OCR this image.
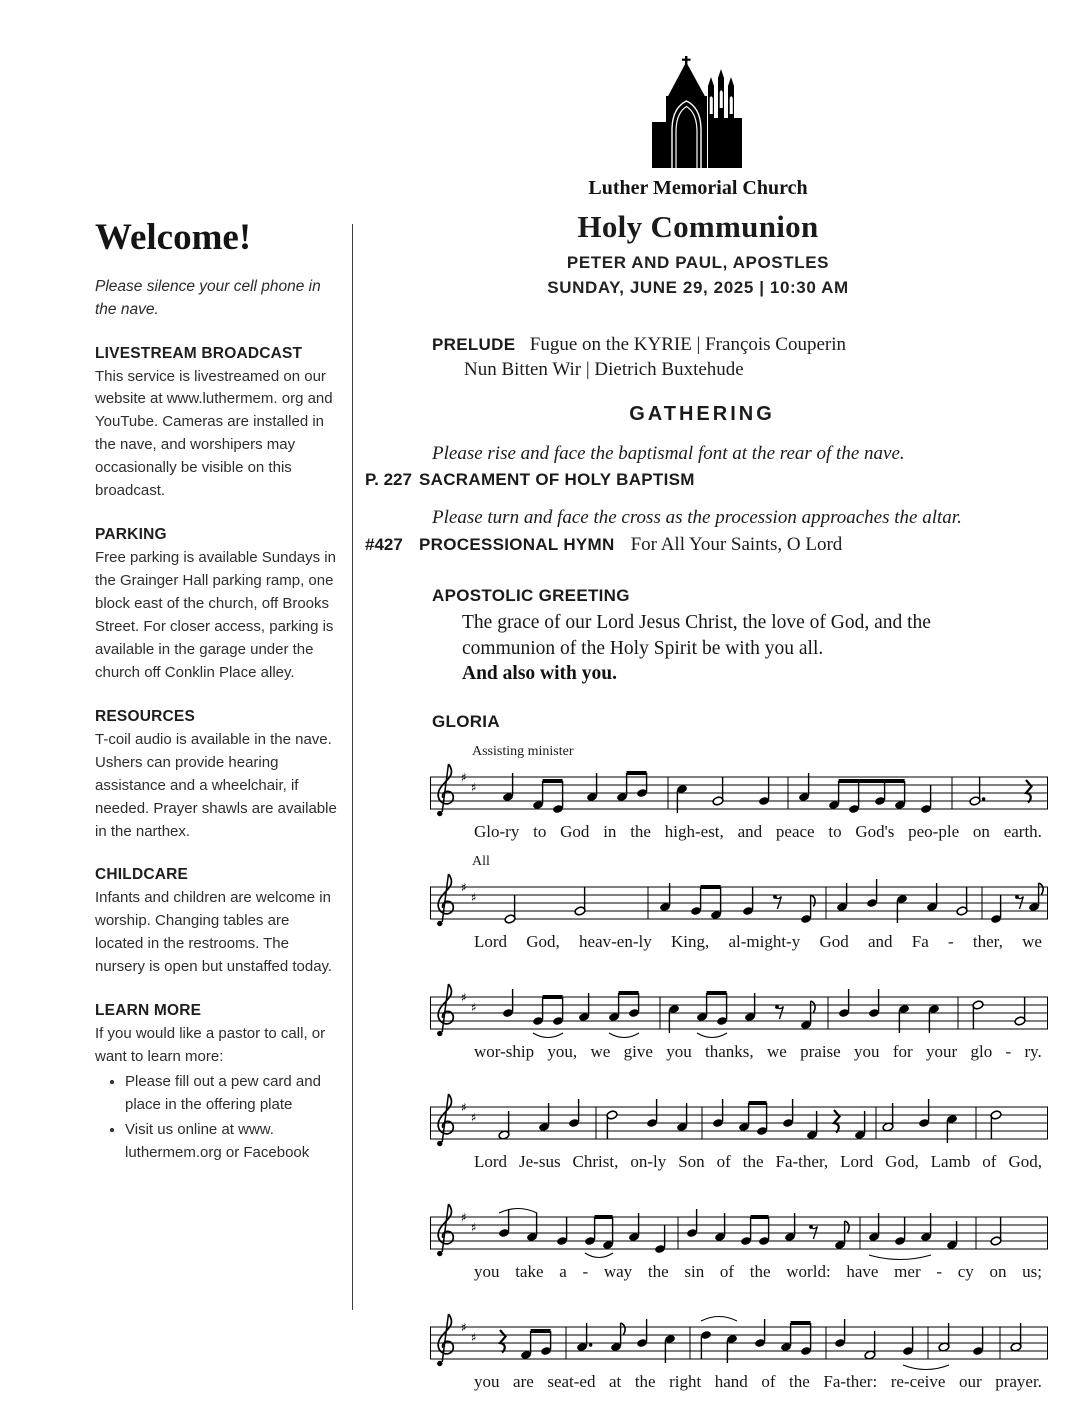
Luther Memorial Church
Holy Communion
PETER AND PAUL, APOSTLES
SUNDAY, JUNE 29, 2025 | 10:30 AM
Welcome!
Please silence your cell phone in the nave.
LIVESTREAM BROADCAST
This service is livestreamed on our website at www.luthermem. org and YouTube. Cameras are installed in the nave, and worshipers may occasionally be visible on this broadcast.
PARKING
Free parking is available Sundays in the Grainger Hall parking ramp, one block east of the church, off Brooks Street. For closer access, parking is available in the garage under the church off Conklin Place alley.
RESOURCES
T-coil audio is available in the nave. Ushers can provide hearing assistance and a wheelchair, if needed. Prayer shawls are available in the narthex.
CHILDCARE
Infants and children are welcome in worship. Changing tables are located in the restrooms. The nursery is open but unstaffed today.
LEARN MORE
If you would like a pastor to call, or want to learn more:
• Please fill out a pew card and place in the offering plate
• Visit us online at www. luthermem.org or Facebook
PRELUDE Fugue on the KYRIE | François Couperin
Nun Bitten Wir | Dietrich Buxtehude
GATHERING
Please rise and face the baptismal font at the rear of the nave.
P. 227 SACRAMENT OF HOLY BAPTISM
Please turn and face the cross as the procession approaches the altar.
#427 PROCESSIONAL HYMN For All Your Saints, O Lord
APOSTOLIC GREETING
The grace of our Lord Jesus Christ, the love of God, and the
communion of the Holy Spirit be with you all.
And also with you.
GLORIA
Assisting minister
♯
♯
Glo-ry to God in the high-est, and peace to God's peo-ple on earth.
All
♯
♯
Lord God, heav-en-ly King, al-might-y God and Fa - ther, we
♯
♯
wor-ship you, we give you thanks, we praise you for your glo - ry.
♯
♯
Lord Je-sus Christ, on-ly Son of the Fa-ther, Lord God, Lamb of God,
♯
♯
you take a - way the sin of the world: have mer - cy on us;
♯
♯
you are seat-ed at the right hand of the Fa-ther: re-ceive our prayer.
